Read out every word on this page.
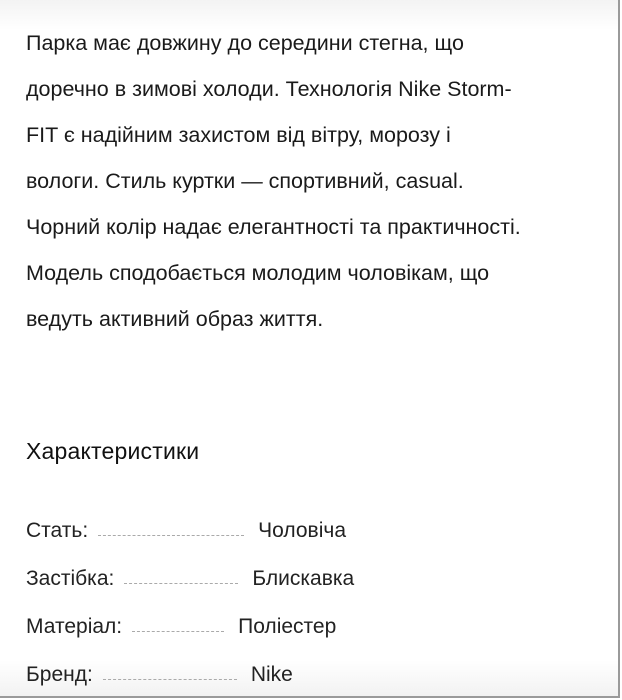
Парка має довжину до середини стегна, що

доречно в зимові холоди. Технологія Nike Storm-

FIT є надійним захистом від вітру, морозу і

вологи. Стиль куртки — спортивний, casual.

Чорний колір надає елегантності та практичності.

Модель сподобається молодим чоловікам, що

ведуть активний образ життя.

Характеристики
Стать:	Чоловіча
Застібка:	Блискавка
Матеріал:	Поліестер
Бренд:	Nike
